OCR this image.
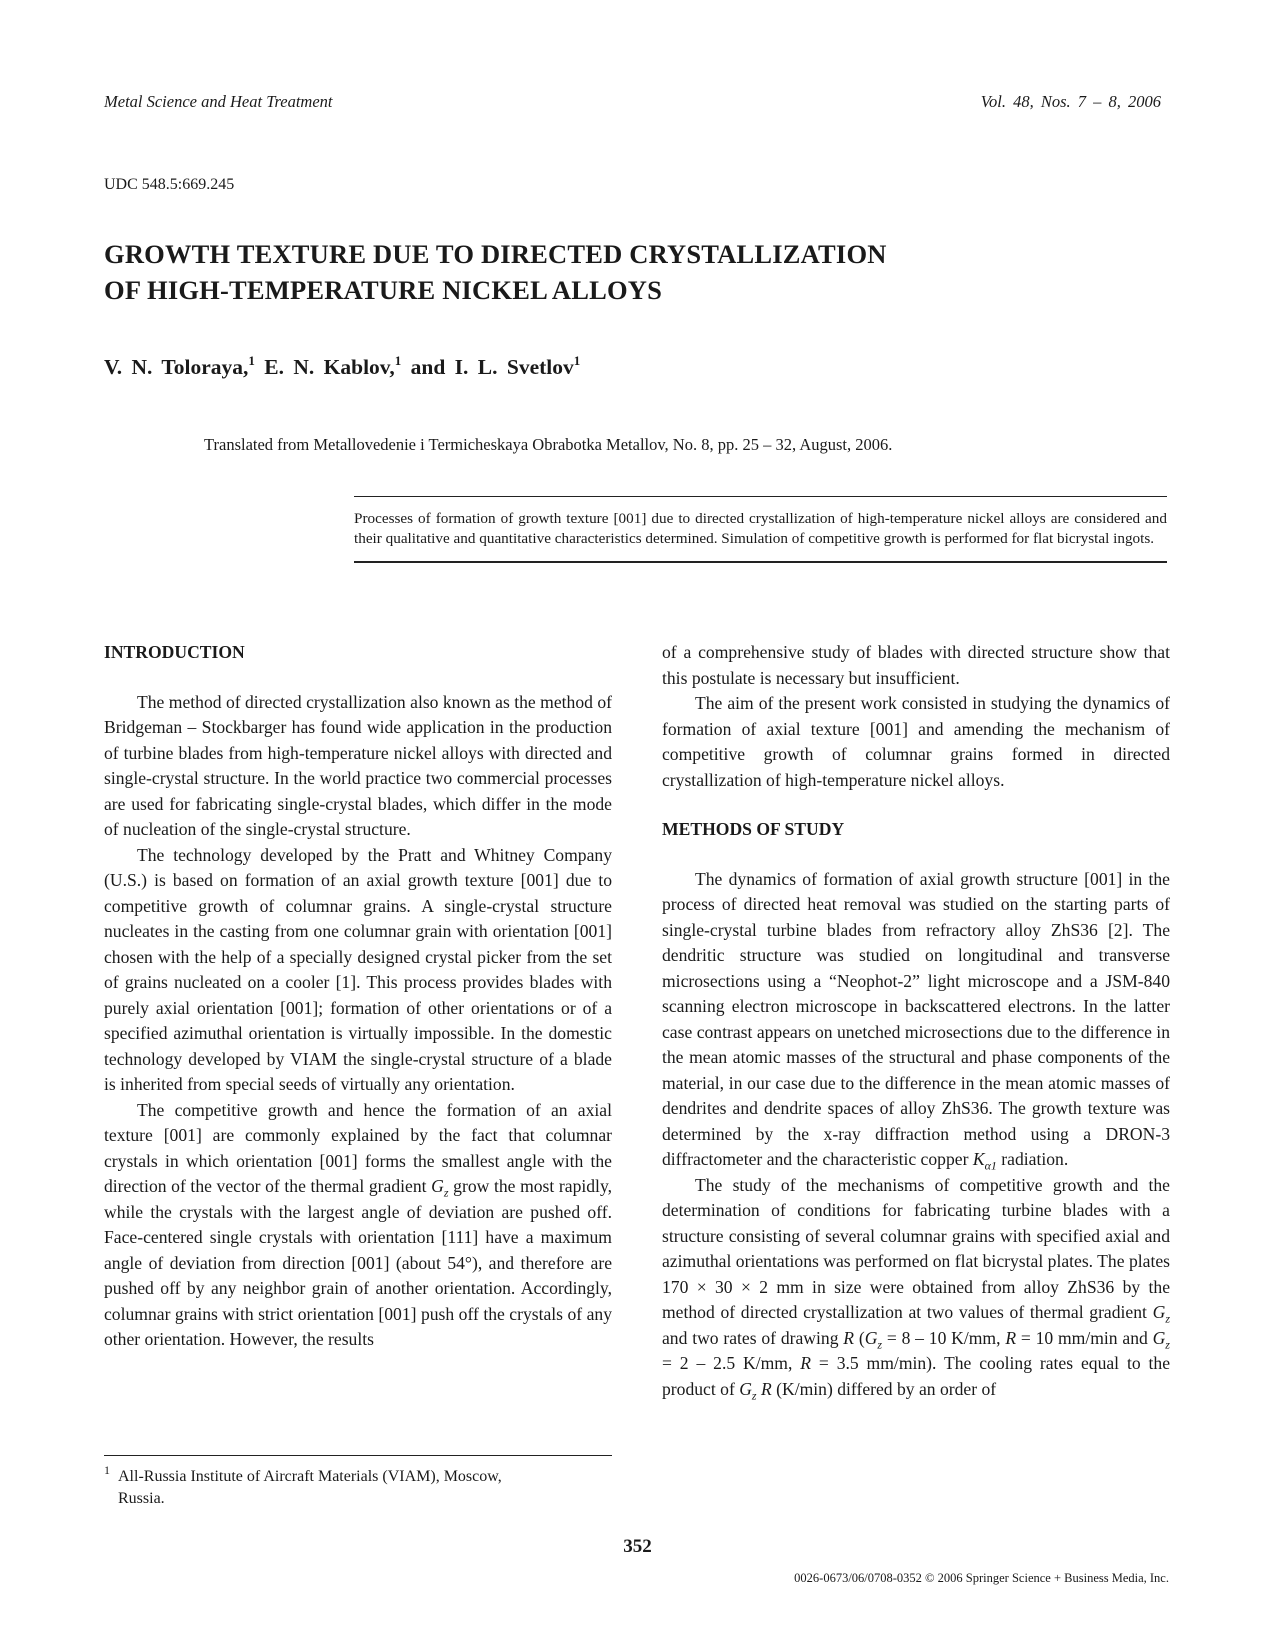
Metal Science and Heat Treatment	Vol. 48, Nos. 7 – 8, 2006
UDC 548.5:669.245
GROWTH TEXTURE DUE TO DIRECTED CRYSTALLIZATION
OF HIGH-TEMPERATURE NICKEL ALLOYS
V. N. Toloraya,$^1$ E. N. Kablov,$^1$ and I. L. Svetlov$^1$
Translated from Metallovedenie i Termicheskaya Obrabotka Metallov, No. 8, pp. 25 – 32, August, 2006.
Processes of formation of growth texture [001] due to directed crystallization of high-temperature nickel alloys are considered and their qualitative and quantitative characteristics determined. Simulation of competitive growth is performed for flat bicrystal ingots.
INTRODUCTION

The method of directed crystallization also known as the method of Bridgeman – Stockbarger has found wide application in the production of turbine blades from high-temperature nickel alloys with directed and single-crystal structure. In the world practice two commercial processes are used for fabricating single-crystal blades, which differ in the mode of nucleation of the single-crystal structure.

The technology developed by the Pratt and Whitney Company (U.S.) is based on formation of an axial growth texture [001] due to competitive growth of columnar grains. A single-crystal structure nucleates in the casting from one columnar grain with orientation [001] chosen with the help of a specially designed crystal picker from the set of grains nucleated on a cooler [1]. This process provides blades with purely axial orientation [001]; formation of other orientations or of a specified azimuthal orientation is virtually impossible. In the domestic technology developed by VIAM the single-crystal structure of a blade is inherited from special seeds of virtually any orientation.

The competitive growth and hence the formation of an axial texture [001] are commonly explained by the fact that columnar crystals in which orientation [001] forms the smallest angle with the direction of the vector of the thermal gradient $G_z$ grow the most rapidly, while the crystals with the largest angle of deviation are pushed off. Face-centered single crystals with orientation [111] have a maximum angle of deviation from direction [001] (about 54°), and therefore are pushed off by any neighbor grain of another orientation. Accordingly, columnar grains with strict orientation [001] push off the crystals of any other orientation. However, the results

$^1$ All-Russia Institute of Aircraft Materials (VIAM), Moscow,
Russia.

of a comprehensive study of blades with directed structure show that this postulate is necessary but insufficient.

The aim of the present work consisted in studying the dynamics of formation of axial texture [001] and amending the mechanism of competitive growth of columnar grains formed in directed crystallization of high-temperature nickel alloys.

METHODS OF STUDY

The dynamics of formation of axial growth structure [001] in the process of directed heat removal was studied on the starting parts of single-crystal turbine blades from refractory alloy ZhS36 [2]. The dendritic structure was studied on longitudinal and transverse microsections using a “Neophot-2” light microscope and a JSM-840 scanning electron microscope in backscattered electrons. In the latter case contrast appears on unetched microsections due to the difference in the mean atomic masses of the structural and phase components of the material, in our case due to the difference in the mean atomic masses of dendrites and dendrite spaces of alloy ZhS36. The growth texture was determined by the x-ray diffraction method using a DRON-3 diffractometer and the characteristic copper $K_{\alpha 1}$ radiation.

The study of the mechanisms of competitive growth and the determination of conditions for fabricating turbine blades with a structure consisting of several columnar grains with specified axial and azimuthal orientations was performed on flat bicrystal plates. The plates 170 × 30 × 2 mm in size were obtained from alloy ZhS36 by the method of directed crystallization at two values of thermal gradient $G_z$ and two rates of drawing R ($G_z = 8 - 10$ K/mm, R = 10 mm/min and $G_z = 2 - 2.5$ K/mm, R = 3.5 mm/min). The cooling rates equal to the product of $G_z$ R (K/min) differed by an order of

352
0026-0673/06/0708-0352 © 2006 Springer Science + Business Media, Inc.
